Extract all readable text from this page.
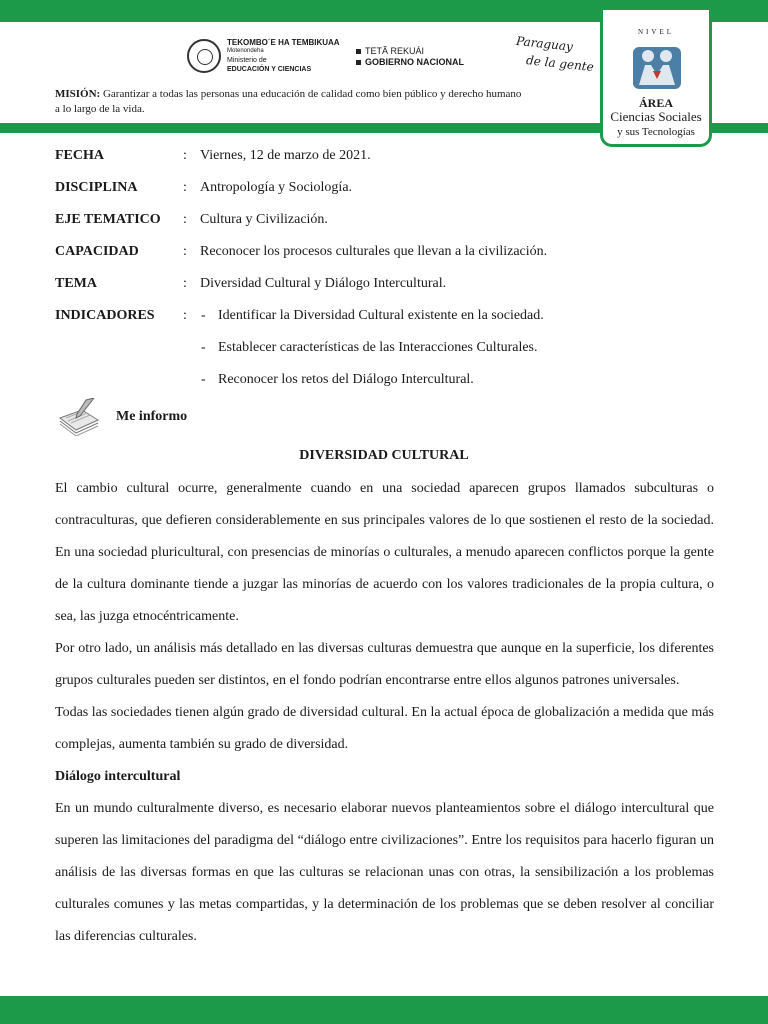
TEKOMBO´E HA TEMBIKUAA
Motenondeha
Ministerio de
EDUCACIÓN Y CIENCIAS
TETÃ REKUÁI
GOBIERNO NACIONAL
Paraguay
de la gente
TERCER
NIVEL
ÁREA
Ciencias Sociales
y sus Tecnologías
MISIÓN: Garantizar a todas las personas una educación de calidad como bien público y derecho humano a lo largo de la vida.
FECHA	: Viernes, 12 de marzo de 2021.
DISCIPLINA	: Antropología y Sociología.
EJE TEMATICO : Cultura y Civilización.
CAPACIDAD	: Reconocer los procesos culturales que llevan a la civilización.
TEMA	: Diversidad Cultural y Diálogo Intercultural.
INDICADORES : - Identificar la Diversidad Cultural existente en la sociedad.
- Establecer características de las Interacciones Culturales.
- Reconocer los retos del Diálogo Intercultural.
Me informo
DIVERSIDAD CULTURAL

El cambio cultural ocurre, generalmente cuando en una sociedad aparecen grupos llamados subculturas o contraculturas, que defieren considerablemente en sus principales valores de lo que sostienen el resto de la sociedad. En una sociedad pluricultural, con presencias de minorías o culturales, a menudo aparecen conflictos porque la gente de la cultura dominante tiende a juzgar las minorías de acuerdo con los valores tradicionales de la propia cultura, o sea, las juzga etnocéntricamente.

Por otro lado, un análisis más detallado en las diversas culturas demuestra que aunque en la superficie, los diferentes grupos culturales pueden ser distintos, en el fondo podrían encontrarse entre ellos algunos patrones universales.

Todas las sociedades tienen algún grado de diversidad cultural. En la actual época de globalización a medida que más complejas, aumenta también su grado de diversidad.

Diálogo intercultural

En un mundo culturalmente diverso, es necesario elaborar nuevos planteamientos sobre el diálogo intercultural que superen las limitaciones del paradigma del “diálogo entre civilizaciones”. Entre los requisitos para hacerlo figuran un análisis de las diversas formas en que las culturas se relacionan unas con otras, la sensibilización a los problemas culturales comunes y las metas compartidas, y la determinación de los problemas que se deben resolver al conciliar las diferencias culturales.
